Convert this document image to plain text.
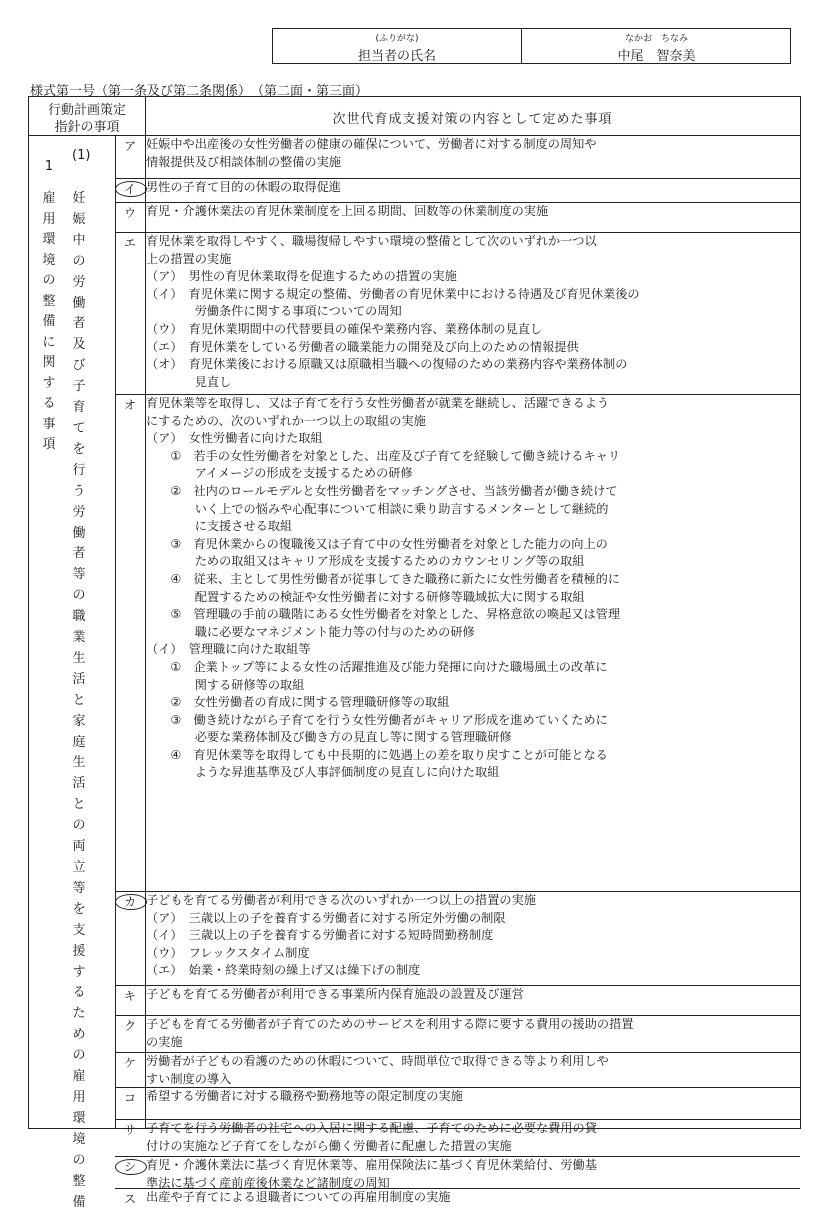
(ふりがな)
担当者の氏名
なかお　ちなみ
中尾　智奈美
様式第一号（第一条及び第二条関係）　（第二面・第三面）
行動計画策定
指針の事項
次世代育成支援対策の内容として定めた事項
1
雇用環境の整備に関する事項
(1)
妊娠中の労働者及び子育てを行う労働者等の職業生活と家庭生活との両立等を支援するための雇用環境の整備
ア 妊娠中や出産後の女性労働者の健康の確保について、労働者に対する制度の周知や
情報提供及び相談体制の整備の実施
イ 男性の子育て目的の休暇の取得促進
ウ 育児・介護休業法の育児休業制度を上回る期間、回数等の休業制度の実施
エ 育児休業を取得しやすく、職場復帰しやすい環境の整備として次のいずれか一つ以
上の措置の実施
（ア）　男性の育児休業取得を促進するための措置の実施
（イ）　育児休業に関する規定の整備、労働者の育児休業中における待遇及び育児休業後の
　　　　労働条件に関する事項についての周知
（ウ）　育児休業期間中の代替要員の確保や業務内容、業務体制の見直し
（エ）　育児休業をしている労働者の職業能力の開発及び向上のための情報提供
（オ）　育児休業後における原職又は原職相当職への復帰のための業務内容や業務体制の
　　　　見直し
オ 育児休業等を取得し、又は子育てを行う女性労働者が就業を継続し、活躍できるよう
にするための、次のいずれか一つ以上の取組の実施
（ア）　女性労働者に向けた取組
　　①　若手の女性労働者を対象とした、出産及び子育てを経験して働き続けるキャリ
　　　　アイメージの形成を支援するための研修
　　②　社内のロールモデルと女性労働者をマッチングさせ、当該労働者が働き続けて
　　　　いく上での悩みや心配事について相談に乗り助言するメンターとして継続的
　　　　に支援させる取組
　　③　育児休業からの復職後又は子育て中の女性労働者を対象とした能力の向上の
　　　　ための取組又はキャリア形成を支援するためのカウンセリング等の取組
　　④　従来、主として男性労働者が従事してきた職務に新たに女性労働者を積極的に
　　　　配置するための検証や女性労働者に対する研修等職域拡大に関する取組
　　⑤　管理職の手前の職階にある女性労働者を対象とした、昇格意欲の喚起又は管理
　　　　職に必要なマネジメント能力等の付与のための研修
（イ）　管理職に向けた取組等
　　①　企業トップ等による女性の活躍推進及び能力発揮に向けた職場風土の改革に
　　　　関する研修等の取組
　　②　女性労働者の育成に関する管理職研修等の取組
　　③　働き続けながら子育てを行う女性労働者がキャリア形成を進めていくために
　　　　必要な業務体制及び働き方の見直し等に関する管理職研修
　　④　育児休業等を取得しても中長期的に処遇上の差を取り戻すことが可能となる
　　　　ような昇進基準及び人事評価制度の見直しに向けた取組
カ 子どもを育てる労働者が利用できる次のいずれか一つ以上の措置の実施
（ア）　三歳以上の子を養育する労働者に対する所定外労働の制限
（イ）　三歳以上の子を養育する労働者に対する短時間勤務制度
（ウ）　フレックスタイム制度
（エ）　始業・終業時刻の繰上げ又は繰下げの制度
キ 子どもを育てる労働者が利用できる事業所内保育施設の設置及び運営
ク 子どもを育てる労働者が子育てのためのサービスを利用する際に要する費用の援助の措置
の実施
ケ 労働者が子どもの看護のための休暇について、時間単位で取得できる等より利用しや
すい制度の導入
コ 希望する労働者に対する職務や勤務地等の限定制度の実施
サ 子育てを行う労働者の社宅への入居に関する配慮、子育てのために必要な費用の貸
付けの実施など子育てをしながら働く労働者に配慮した措置の実施
シ 育児・介護休業法に基づく育児休業等、雇用保険法に基づく育児休業給付、労働基
準法に基づく産前産後休業など諸制度の周知
ス 出産や子育てによる退職者についての再雇用制度の実施
